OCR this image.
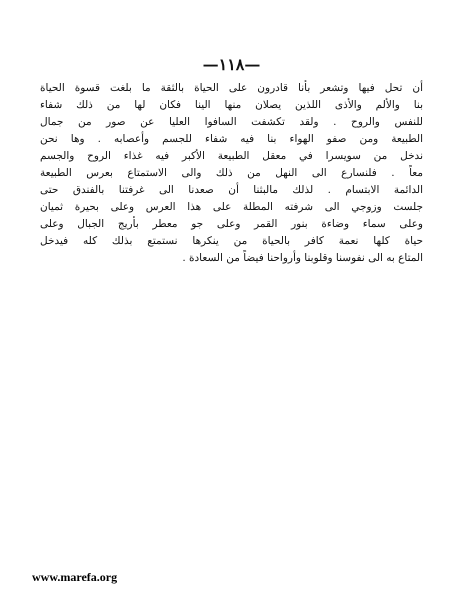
—١١٨—
أن تحل فيها وتشعر بأنا قادرون على الحياة بالثقة ما بلغت قسوة الحياة
بنا والألم والأذى اللذين يصلان منها الينا فكان لها من ذلك شفاء
للنفس والروح . ولقد تكشفت السافوا العليا عن صور من جمال
الطبيعة ومن صفو الهواء بنا فيه شفاء للجسم وأعصابه . وها نحن
ندخل من سويسرا في معقل الطبيعة الأكبر فيه غذاء الروح والجسم
معاً . فلنسارع الى النهل من ذلك والى الاستمتاع بعرس الطبيعة
الدائمة الابتسام . لذلك مالبثنا أن صعدنا الى غرفتنا بالفندق حتى
جلست وزوجي الى شرفته المطلة على هذا العرس وعلى بحيرة ثميان
وعلى سماء وضاءة بنور القمر وعلى جو معطر بأريج الجبال وعلى
حياة كلها نعمة كافر بالحياة من ينكرها نستمتع بذلك كله فيدخل
المتاع به الى نفوسنا وقلوبنا وأرواحنا فيضاً من السعادة .
www.marefa.org
